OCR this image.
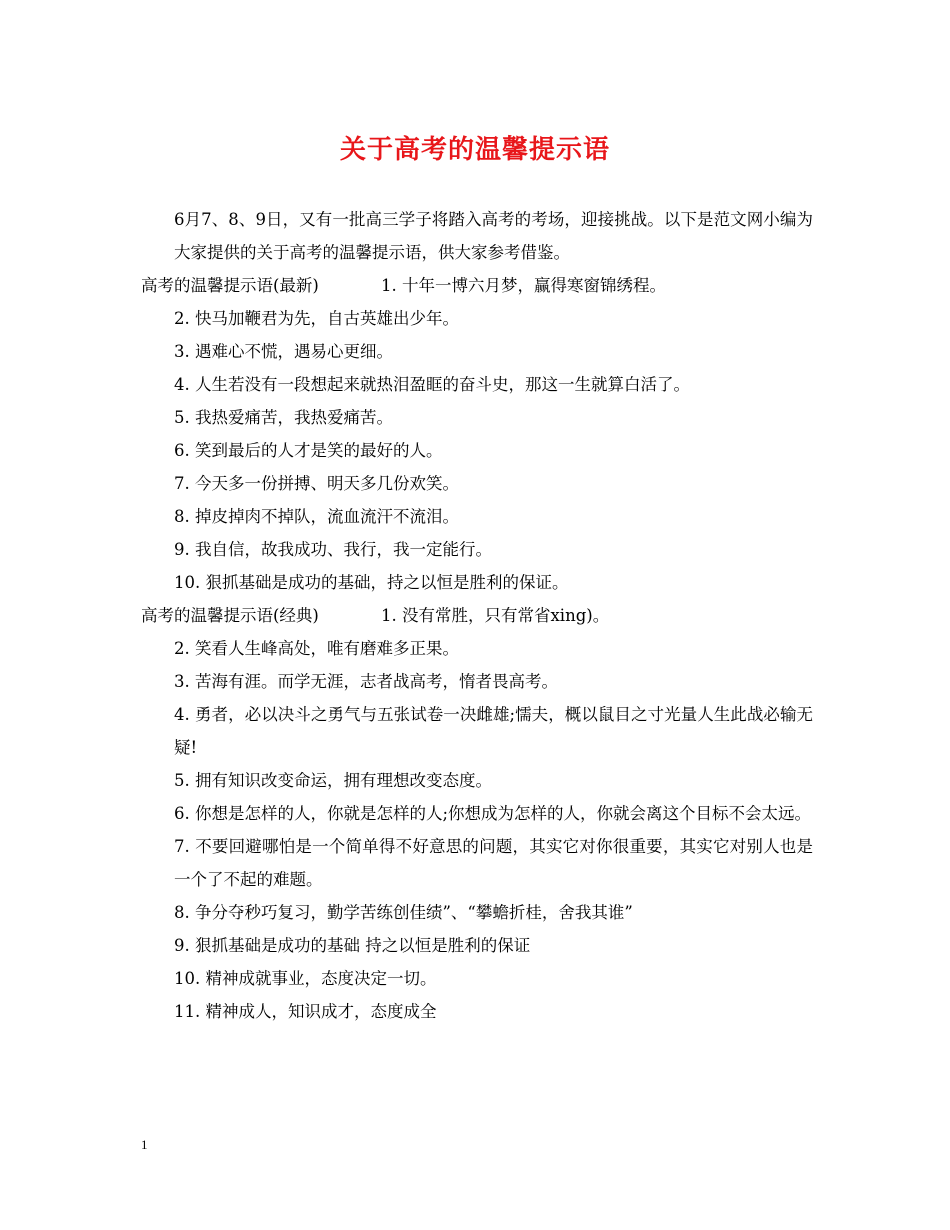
关于高考的温馨提示语

6月7、8、9日，又有一批高三学子将踏入高考的考场，迎接挑战。以下是范文网小编为大家提供的关于高考的温馨提示语，供大家参考借鉴。

高考的温馨提示语(最新)	1. 十年一博六月梦，赢得寒窗锦绣程。

2. 快马加鞭君为先，自古英雄出少年。

3. 遇难心不慌，遇易心更细。

4. 人生若没有一段想起来就热泪盈眶的奋斗史，那这一生就算白活了。

5. 我热爱痛苦，我热爱痛苦。

6. 笑到最后的人才是笑的最好的人。

7. 今天多一份拼搏、明天多几份欢笑。

8. 掉皮掉肉不掉队，流血流汗不流泪。

9. 我自信，故我成功、我行，我一定能行。

10. 狠抓基础是成功的基础，持之以恒是胜利的保证。

高考的温馨提示语(经典)	1. 没有常胜，只有常省xing)。

2. 笑看人生峰高处，唯有磨难多正果。

3. 苦海有涯。而学无涯，志者战高考，惰者畏高考。

4. 勇者，必以决斗之勇气与五张试卷一决雌雄;懦夫，概以鼠目之寸光量人生此战必输无疑!

5. 拥有知识改变命运，拥有理想改变态度。

6. 你想是怎样的人，你就是怎样的人;你想成为怎样的人，你就会离这个目标不会太远。

7. 不要回避哪怕是一个简单得不好意思的问题，其实它对你很重要，其实它对别人也是一个了不起的难题。

8. 争分夺秒巧复习，勤学苦练创佳绩”、“攀蟾折桂，舍我其谁”

9. 狠抓基础是成功的基础 持之以恒是胜利的保证

10. 精神成就事业，态度决定一切。

11. 精神成人，知识成才，态度成全

1
